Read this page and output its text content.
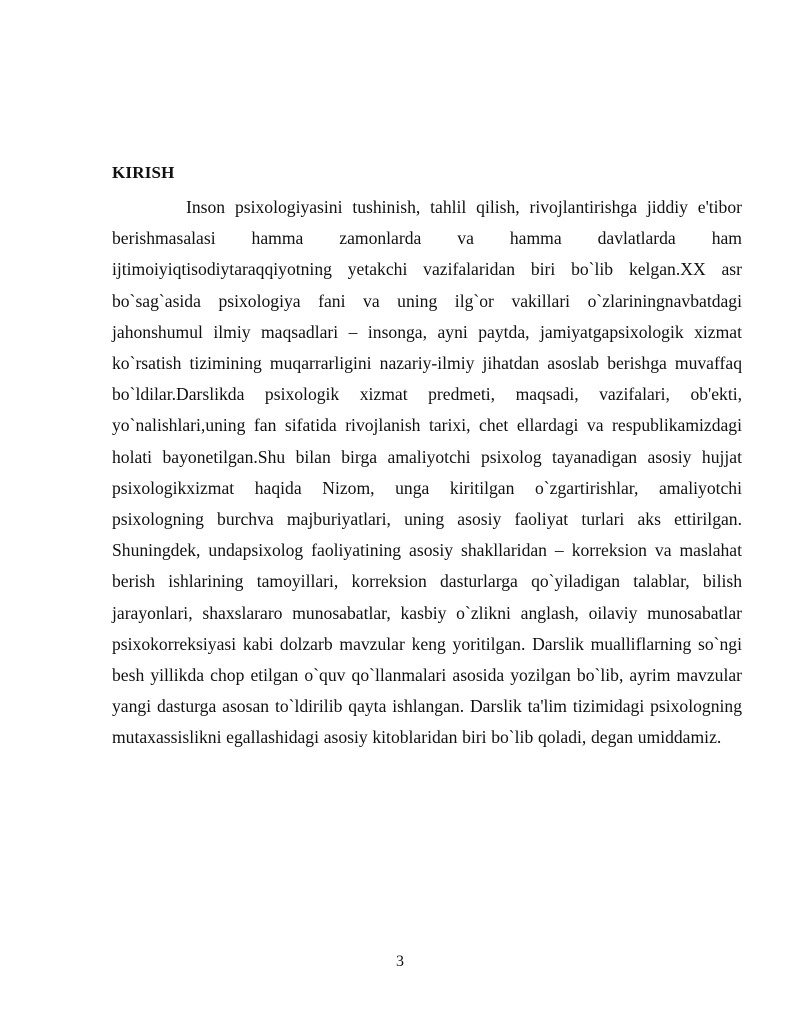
KIRISH

Inson psixologiyasini tushinish, tahlil qilish, rivojlantirishga jiddiy e'tibor berishmasalasi hamma zamonlarda va hamma davlatlarda ham ijtimoiyiqtisodiytaraqqiyotning yetakchi vazifalaridan biri bo`lib kelgan.XX asr bo`sag`asida psixologiya fani va uning ilg`or vakillari o`zlariningnavbatdagi jahonshumul ilmiy maqsadlari – insonga, ayni paytda, jamiyatgapsixologik xizmat ko`rsatish tizimining muqarrarligini nazariy-ilmiy jihatdan asoslab berishga muvaffaq bo`ldilar.Darslikda psixologik xizmat predmeti, maqsadi, vazifalari, ob'ekti, yo`nalishlari,uning fan sifatida rivojlanish tarixi, chet ellardagi va respublikamizdagi holati bayonetilgan.Shu bilan birga amaliyotchi psixolog tayanadigan asosiy hujjat psixologikxizmat haqida Nizom, unga kiritilgan o`zgartirishlar, amaliyotchi psixologning burchva majburiyatlari, uning asosiy faoliyat turlari aks ettirilgan. Shuningdek, undapsixolog faoliyatining asosiy shakllaridan – korreksion va maslahat berish ishlarining tamoyillari, korreksion dasturlarga qo`yiladigan talablar, bilish jarayonlari, shaxslararo munosabatlar, kasbiy o`zlikni anglash, oilaviy munosabatlar psixokorreksiyasi kabi dolzarb mavzular keng yoritilgan. Darslik mualliflarning so`ngi besh yillikda chop etilgan o`quv qo`llanmalari asosida yozilgan bo`lib, ayrim mavzular yangi dasturga asosan to`ldirilib qayta ishlangan. Darslik ta'lim tizimidagi psixologning mutaxassislikni egallashidagi asosiy kitoblaridan biri bo`lib qoladi, degan umiddamiz.

3
